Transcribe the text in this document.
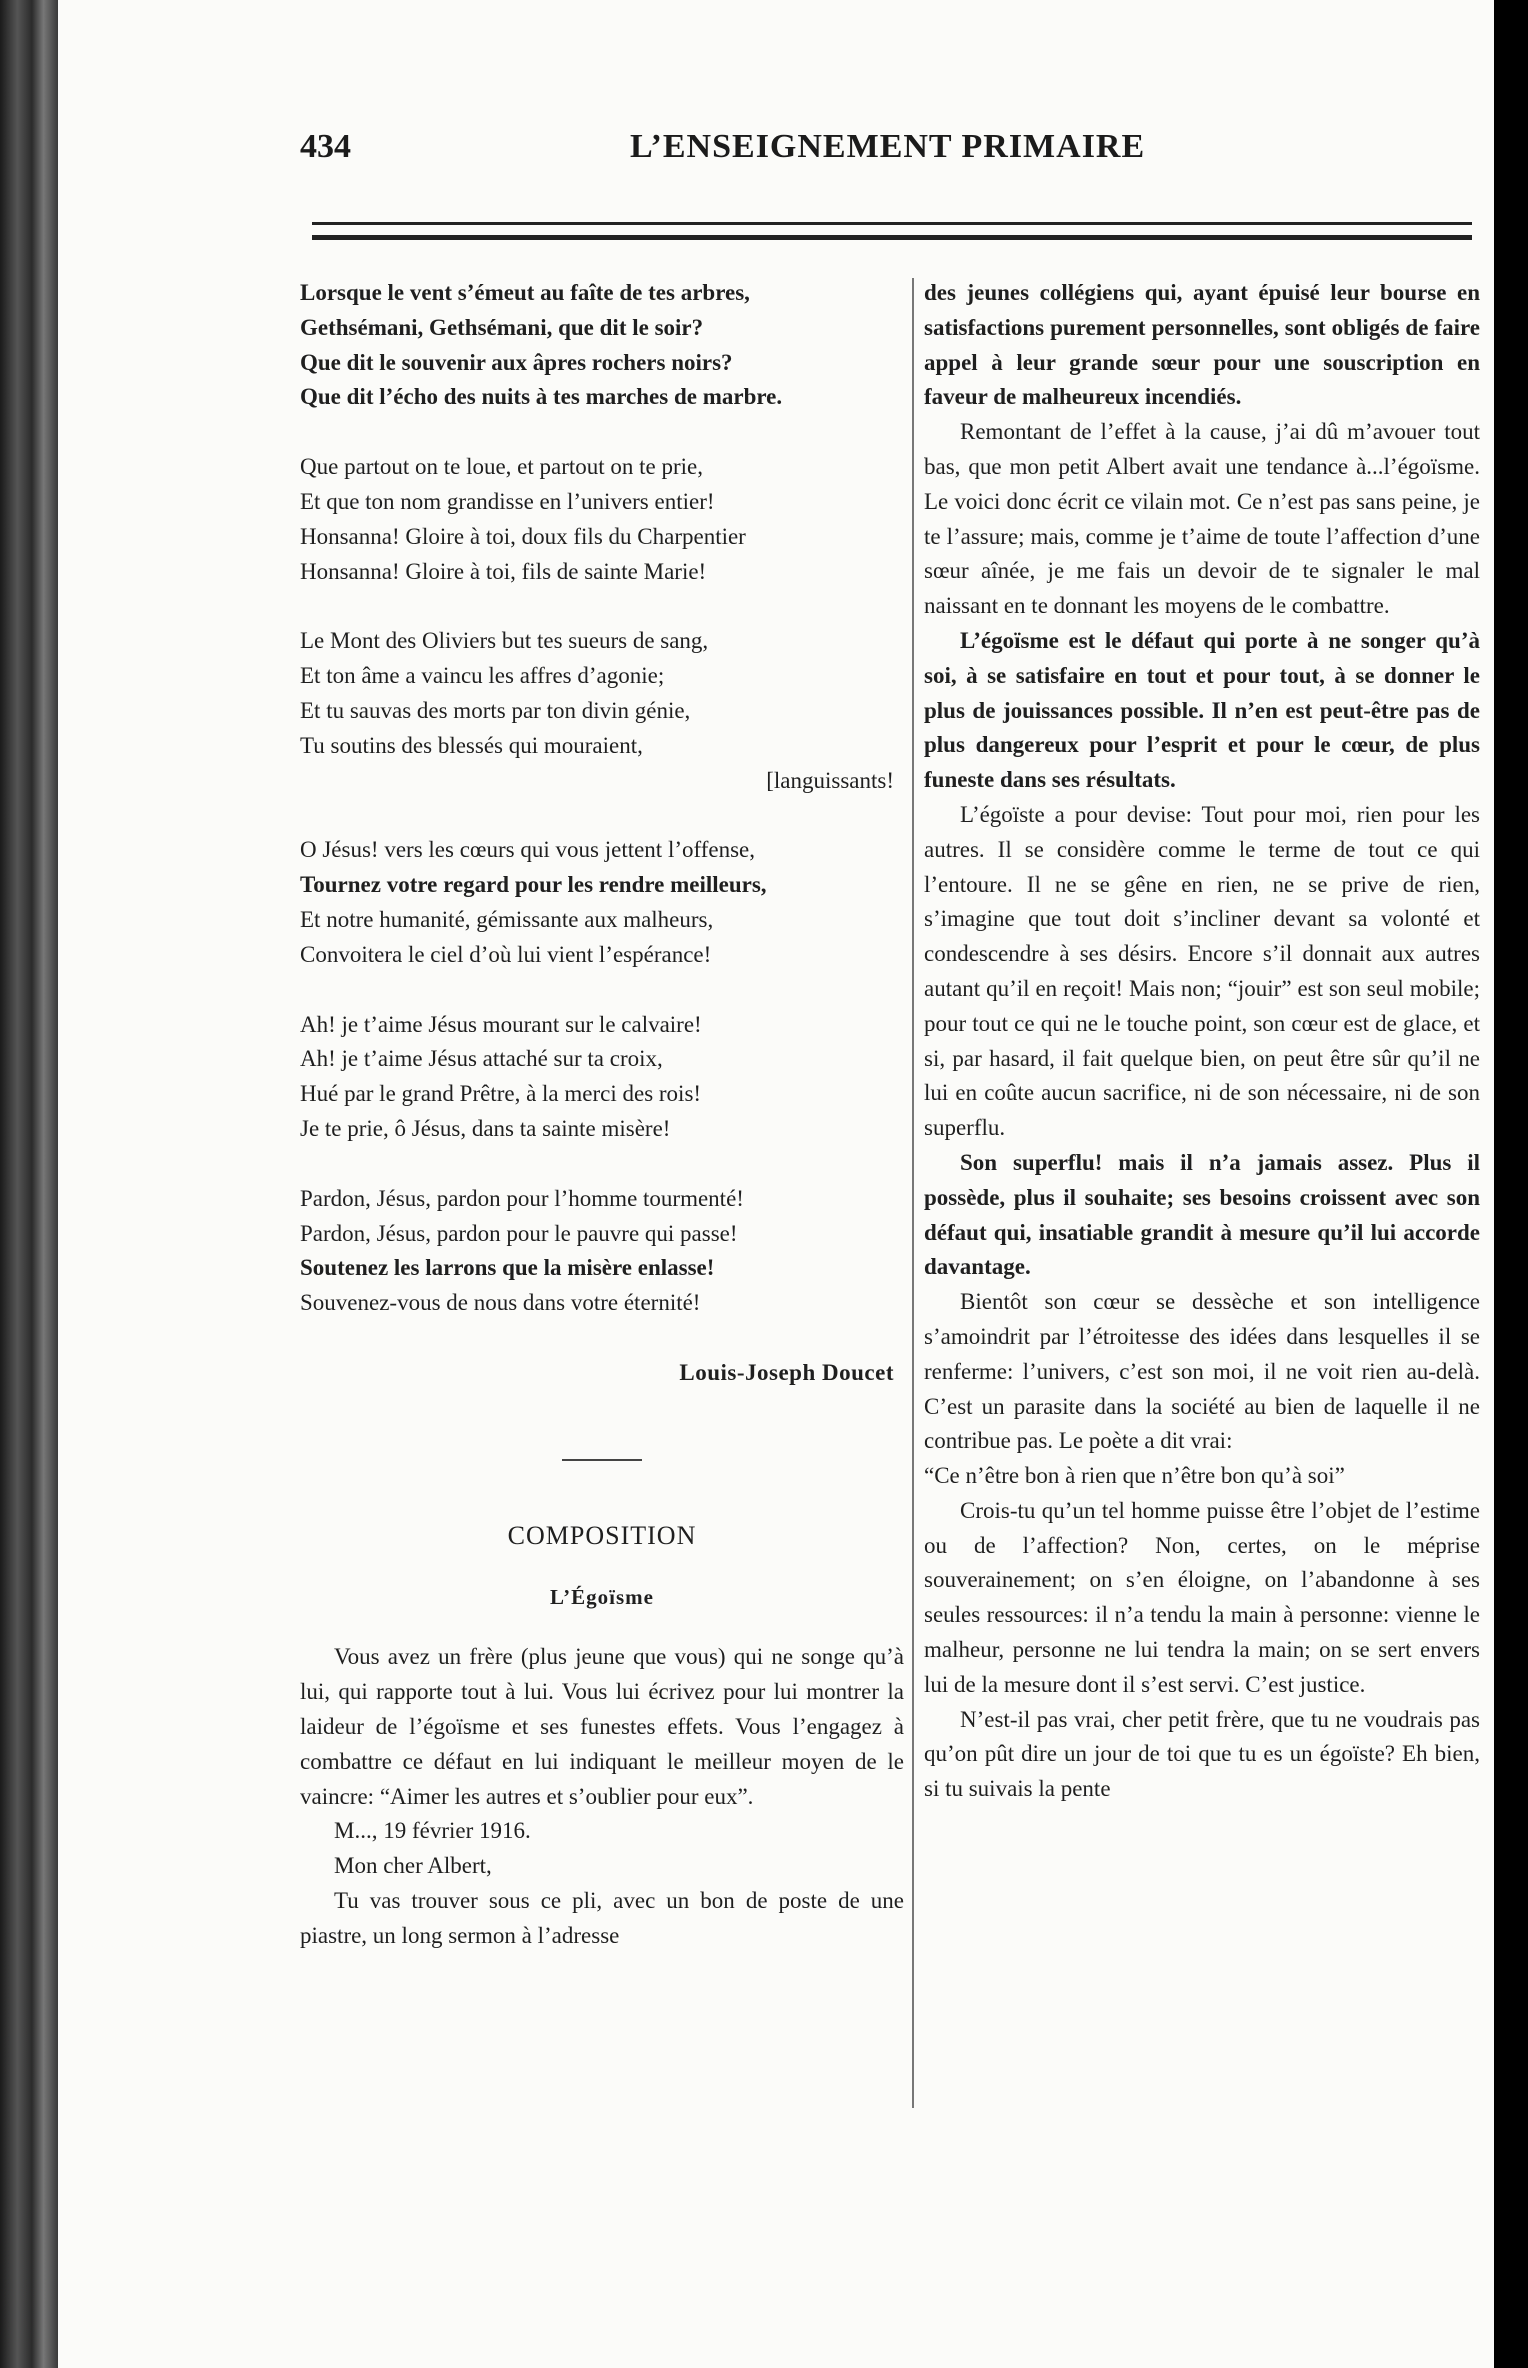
434	L’ENSEIGNEMENT PRIMAIRE

Lorsque le vent s’émeut au faîte de tes arbres,

Gethsémani, Gethsémani, que dit le soir?

Que dit le souvenir aux âpres rochers noirs?

Que dit l’écho des nuits à tes marches de marbre.

Que partout on te loue, et partout on te prie,

Et que ton nom grandisse en l’univers entier!

Honsanna! Gloire à toi, doux fils du Charpentier

Honsanna! Gloire à toi, fils de sainte Marie!

Le Mont des Oliviers but tes sueurs de sang,

Et ton âme a vaincu les affres d’agonie;

Et tu sauvas des morts par ton divin génie,

Tu soutins des blessés qui mouraient,

[languissants!

O Jésus! vers les cœurs qui vous jettent l’offense,

Tournez votre regard pour les rendre meilleurs,

Et notre humanité, gémissante aux malheurs,

Convoitera le ciel d’où lui vient l’espérance!

Ah! je t’aime Jésus mourant sur le calvaire!

Ah! je t’aime Jésus attaché sur ta croix,

Hué par le grand Prêtre, à la merci des rois!

Je te prie, ô Jésus, dans ta sainte misère!

Pardon, Jésus, pardon pour l’homme tourmenté!

Pardon, Jésus, pardon pour le pauvre qui passe!

Soutenez les larrons que la misère enlasse!

Souvenez-vous de nous dans votre éternité!

Louis-Joseph Doucet

COMPOSITION
L’Égoïsme

Vous avez un frère (plus jeune que vous) qui ne songe qu’à lui, qui rapporte tout à lui. Vous lui écrivez pour lui montrer la laideur de l’égoïsme et ses funestes effets. Vous l’engagez à combattre ce défaut en lui indiquant le meilleur moyen de le vaincre: “Aimer les autres et s’oublier pour eux”.

M..., 19 février 1916.

Mon cher Albert,

Tu vas trouver sous ce pli, avec un bon de poste de une piastre, un long sermon à l’adresse

des jeunes collégiens qui, ayant épuisé leur bourse en satisfactions purement personnelles, sont obligés de faire appel à leur grande sœur pour une souscription en faveur de malheureux incendiés.

Remontant de l’effet à la cause, j’ai dû m’avouer tout bas, que mon petit Albert avait une tendance à...l’égoïsme. Le voici donc écrit ce vilain mot. Ce n’est pas sans peine, je te l’assure; mais, comme je t’aime de toute l’affection d’une sœur aînée, je me fais un devoir de te signaler le mal naissant en te donnant les moyens de le combattre.

L’égoïsme est le défaut qui porte à ne songer qu’à soi, à se satisfaire en tout et pour tout, à se donner le plus de jouissances possible. Il n’en est peut-être pas de plus dangereux pour l’esprit et pour le cœur, de plus funeste dans ses résultats.

L’égoïste a pour devise: Tout pour moi, rien pour les autres. Il se considère comme le terme de tout ce qui l’entoure. Il ne se gêne en rien, ne se prive de rien, s’imagine que tout doit s’incliner devant sa volonté et condescendre à ses désirs. Encore s’il donnait aux autres autant qu’il en reçoit! Mais non; “jouir” est son seul mobile; pour tout ce qui ne le touche point, son cœur est de glace, et si, par hasard, il fait quelque bien, on peut être sûr qu’il ne lui en coûte aucun sacrifice, ni de son nécessaire, ni de son superflu.

Son superflu! mais il n’a jamais assez. Plus il possède, plus il souhaite; ses besoins croissent avec son défaut qui, insatiable grandit à mesure qu’il lui accorde davantage.

Bientôt son cœur se dessèche et son intelligence s’amoindrit par l’étroitesse des idées dans lesquelles il se renferme: l’univers, c’est son moi, il ne voit rien au-delà. C’est un parasite dans la société au bien de laquelle il ne contribue pas. Le poète a dit vrai:

“Ce n’être bon à rien que n’être bon qu’à soi”

Crois-tu qu’un tel homme puisse être l’objet de l’estime ou de l’affection? Non, certes, on le méprise souverainement; on s’en éloigne, on l’abandonne à ses seules ressources: il n’a tendu la main à personne: vienne le malheur, personne ne lui tendra la main; on se sert envers lui de la mesure dont il s’est servi. C’est justice.

N’est-il pas vrai, cher petit frère, que tu ne voudrais pas qu’on pût dire un jour de toi que tu es un égoïste? Eh bien, si tu suivais la pente
